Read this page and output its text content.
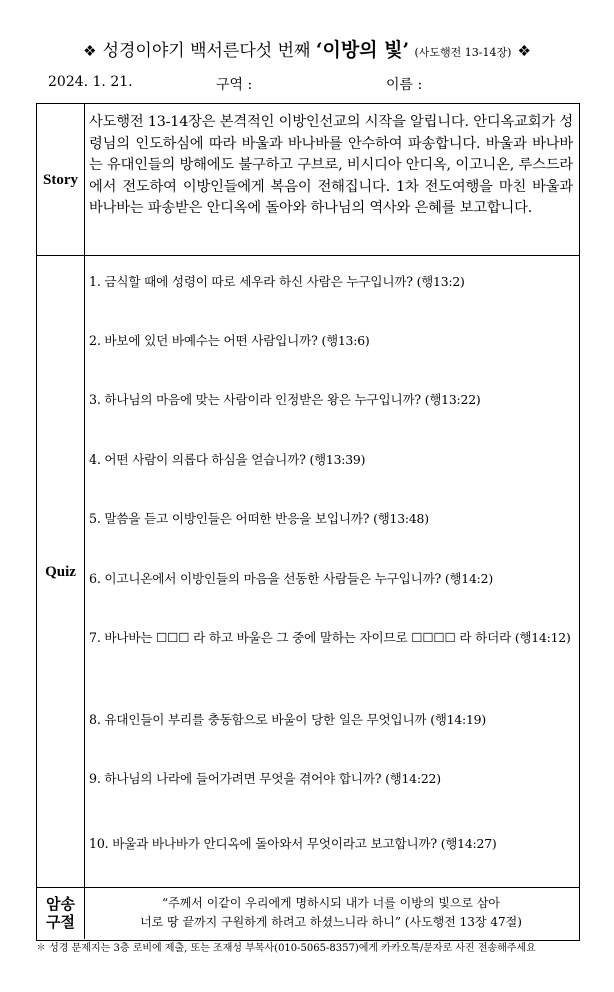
❖ 성경이야기 백서른다섯 번째 ‘이방의 빛’ (사도행전 13-14장) ❖
2024. 1. 21.	구역 :	이름 :
Story
사도행전 13-14장은 본격적인 이방인선교의 시작을 알립니다. 안디옥교회가 성령님의 인도하심에 따라 바울과 바나바를 안수하여 파송합니다. 바울과 바나바는 유대인들의 방해에도 불구하고 구브로, 비시디아 안디옥, 이고니온, 루스드라에서 전도하여 이방인들에게 복음이 전해집니다. 1차 전도여행을 마친 바울과 바나바는 파송받은 안디옥에 돌아와 하나님의 역사와 은혜를 보고합니다.
Quiz
1. 금식할 때에 성령이 따로 세우라 하신 사람은 누구입니까? (행13:2)
2. 바보에 있던 바예수는 어떤 사람입니까? (행13:6)
3. 하나님의 마음에 맞는 사람이라 인정받은 왕은 누구입니까? (행13:22)
4. 어떤 사람이 의롭다 하심을 얻습니까? (행13:39)
5. 말씀을 듣고 이방인들은 어떠한 반응을 보입니까? (행13:48)
6. 이고니온에서 이방인들의 마음을 선동한 사람들은 누구입니까? (행14:2)
7. 바나바는 ☐☐☐ 라 하고 바울은 그 중에 말하는 자이므로 ☐☐☐☐ 라 하더라 (행14:12)
8. 유대인들이 부리를 충동함으로 바울이 당한 일은 무엇입니까 (행14:19)
9. 하나님의 나라에 들어가려면 무엇을 겪어야 합니까? (행14:22)
10. 바울과 바나바가 안디옥에 돌아와서 무엇이라고 보고합니까? (행14:27)
암송
구절
“주께서 이같이 우리에게 명하시되 내가 너를 이방의 빛으로 삼아
너로 땅 끝까지 구원하게 하려고 하셨느니라 하니” (사도행전 13장 47절)
✽ 성경 문제지는 3층 로비에 제출, 또는 조재성 부목사(010-5065-8357)에게 카카오톡/문자로 사진 전송해주세요
